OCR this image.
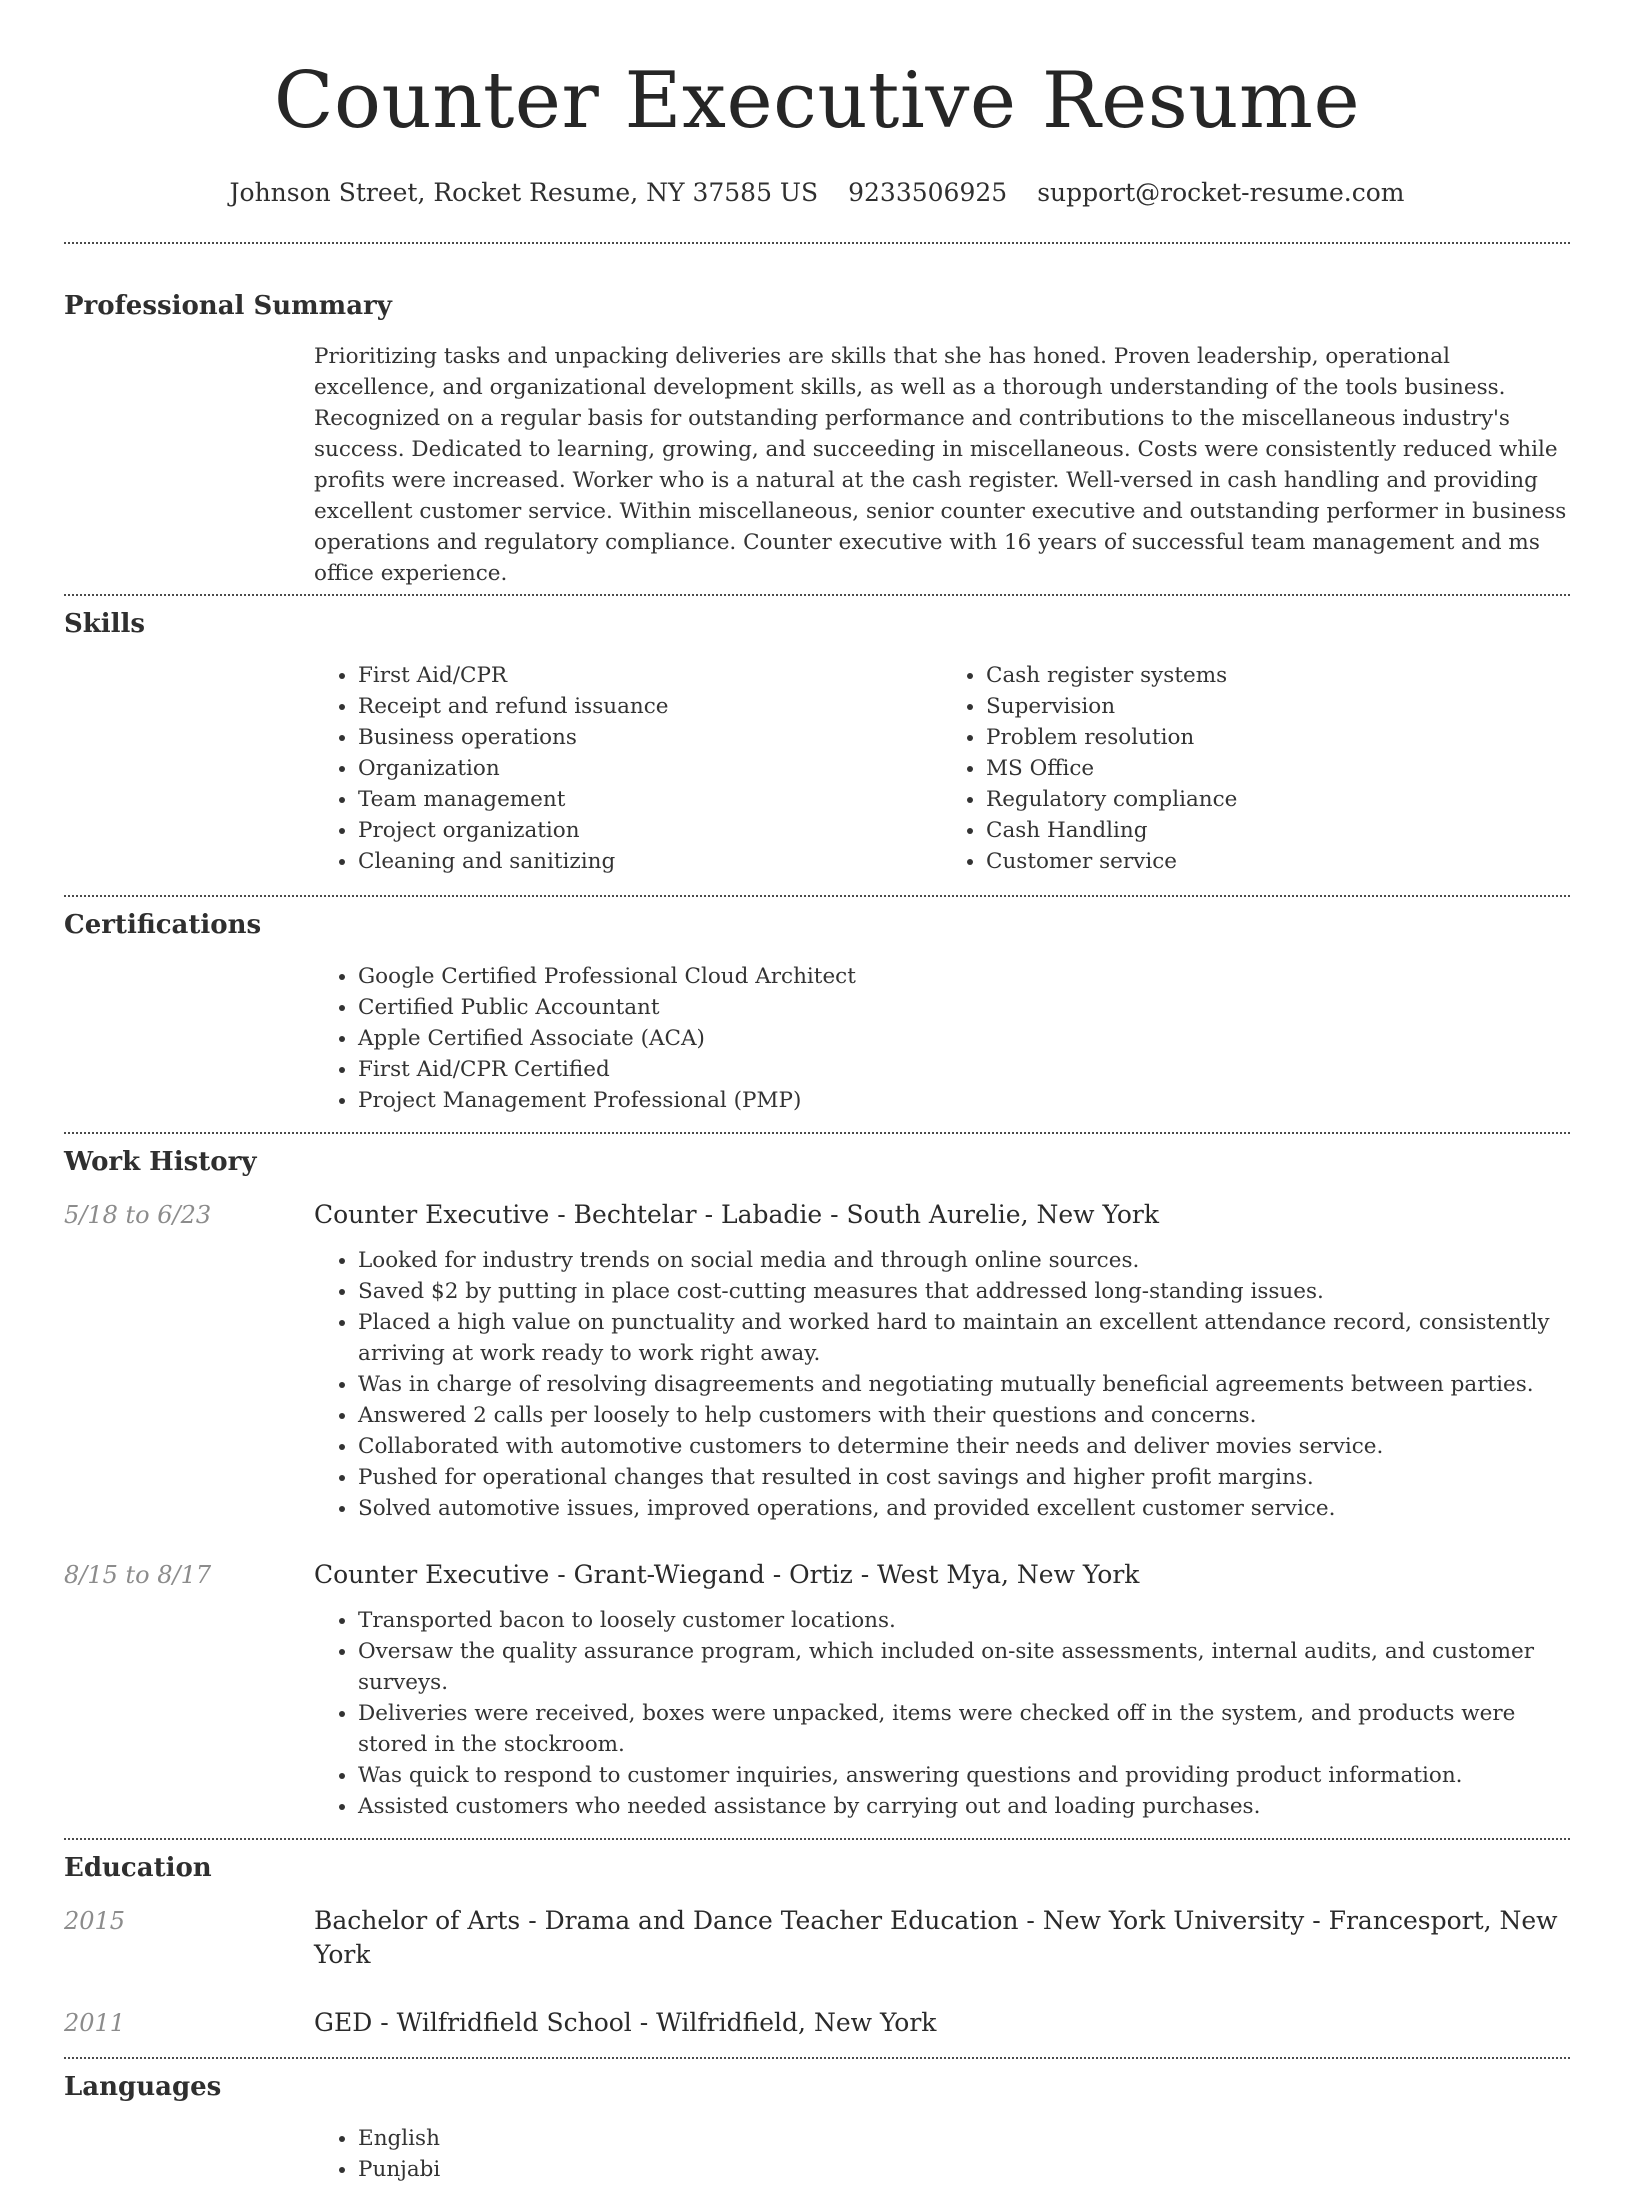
Counter Executive Resume
Johnson Street, Rocket Resume, NY 37585 US 9233506925 support@rocket-resume.com
Professional Summary

Prioritizing tasks and unpacking deliveries are skills that she has honed. Proven leadership, operational excellence, and organizational development skills, as well as a thorough understanding of the tools business. Recognized on a regular basis for outstanding performance and contributions to the miscellaneous industry's success. Dedicated to learning, growing, and succeeding in miscellaneous. Costs were consistently reduced while profits were increased. Worker who is a natural at the cash register. Well-versed in cash handling and providing excellent customer service. Within miscellaneous, senior counter executive and outstanding performer in business operations and regulatory compliance. Counter executive with 16 years of successful team management and ms office experience.

Skills
• First Aid/CPR
• Receipt and refund issuance
• Business operations
• Organization
• Team management
• Project organization
• Cleaning and sanitizing
• Cash register systems
• Supervision
• Problem resolution
• MS Office
• Regulatory compliance
• Cash Handling
• Customer service
Certifications
• Google Certified Professional Cloud Architect
• Certified Public Accountant
• Apple Certified Associate (ACA)
• First Aid/CPR Certified
• Project Management Professional (PMP)
Work History
5/18 to 6/23	Counter Executive - Bechtelar - Labadie - South Aurelie, New York
• Looked for industry trends on social media and through online sources.
• Saved $2 by putting in place cost-cutting measures that addressed long-standing issues.
• Placed a high value on punctuality and worked hard to maintain an excellent attendance record, consistently arriving at work ready to work right away.
• Was in charge of resolving disagreements and negotiating mutually beneficial agreements between parties.
• Answered 2 calls per loosely to help customers with their questions and concerns.
• Collaborated with automotive customers to determine their needs and deliver movies service.
• Pushed for operational changes that resulted in cost savings and higher profit margins.
• Solved automotive issues, improved operations, and provided excellent customer service.
8/15 to 8/17	Counter Executive - Grant-Wiegand - Ortiz - West Mya, New York
• Transported bacon to loosely customer locations.
• Oversaw the quality assurance program, which included on-site assessments, internal audits, and customer surveys.
• Deliveries were received, boxes were unpacked, items were checked off in the system, and products were stored in the stockroom.
• Was quick to respond to customer inquiries, answering questions and providing product information.
• Assisted customers who needed assistance by carrying out and loading purchases.
Education
2015	Bachelor of Arts - Drama and Dance Teacher Education - New York University - Francesport, New York
2011	GED - Wilfridfield School - Wilfridfield, New York
Languages
• English
• Punjabi
